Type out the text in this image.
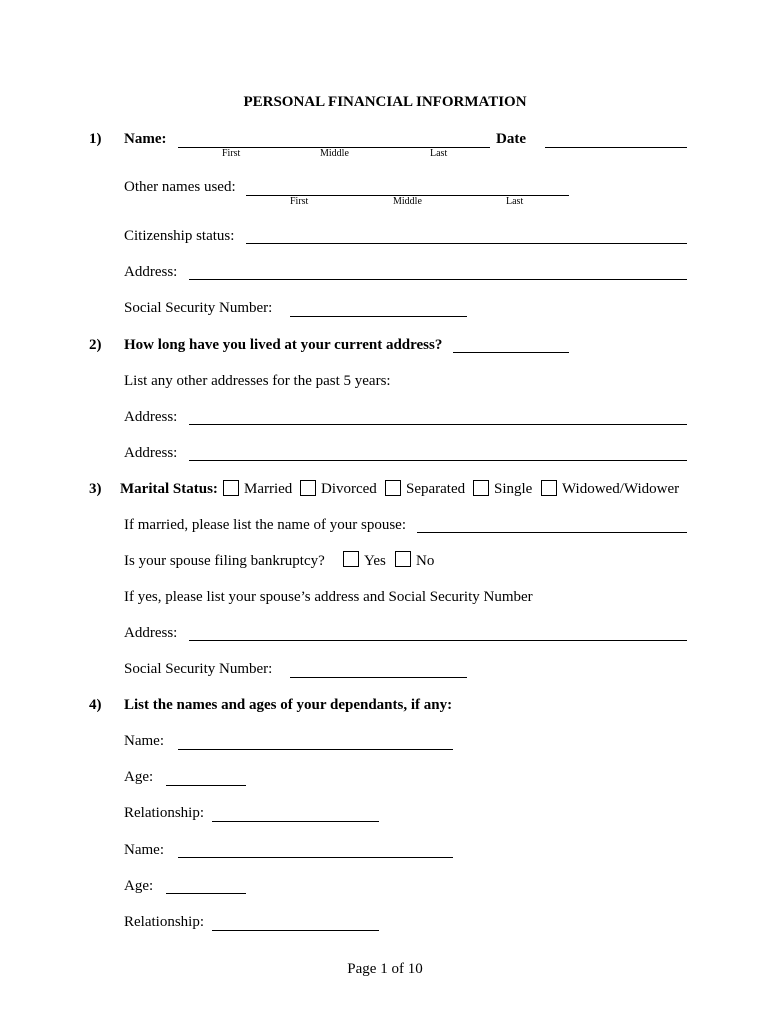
PERSONAL FINANCIAL INFORMATION
1) Name:	Date
First	Middle	Last
Other names used:
First	Middle	Last
Citizenship status:
Address:
Social Security Number:
2) How long have you lived at your current address?
List any other addresses for the past 5 years:
Address:
Address:
3) Marital Status: Married Divorced Separated Single Widowed/Widower
If married, please list the name of your spouse:
Is your spouse filing bankruptcy?	Yes No
If yes, please list your spouse’s address and Social Security Number
Address:
Social Security Number:
4) List the names and ages of your dependants, if any:
Name:
Age:
Relationship:
Name:
Age:
Relationship:
Page 1 of 10
